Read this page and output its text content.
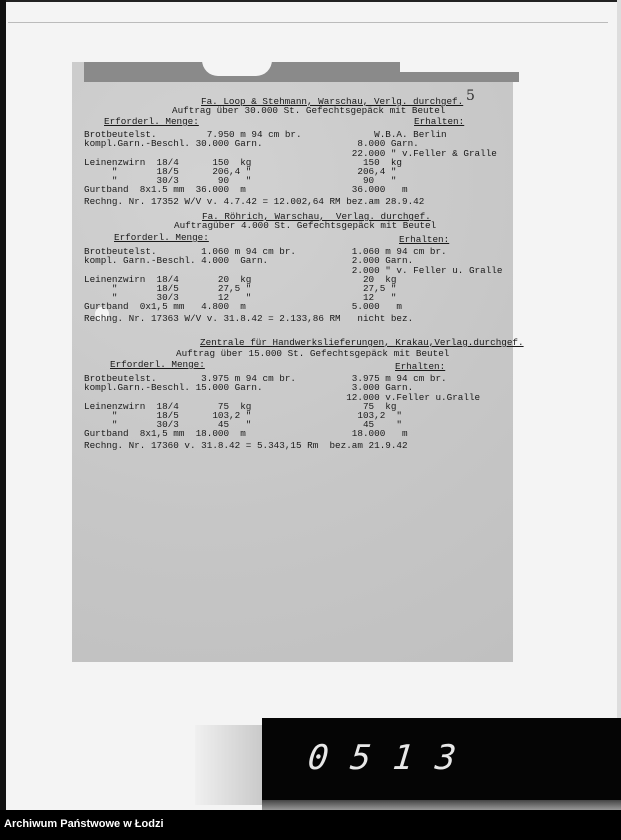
5

Fa. Loop & Stehmann, Warschau, Verlg. durchgef.

Auftrag über 30.000 St. Gefechtsgepäck mit Beutel

Erforderl. Menge:

	Erhalten:

Brotbeutelst.         7.950 m 94 cm br.             W.B.A. Berlin

kompl.Garn.-Beschl. 30.000 Garn.                 8.000 Garn.

22.000 " v.Feller & Gralle

Leinenzwirn  18/4      150  kg                    150  kg

"       18/5      206,4 "                   206,4 "

"       30/3       90   "                    90   "

Gurtband  8x1.5 mm  36.000  m                   36.000   m

Rechng. Nr. 17352 W/V v. 4.7.42 = 12.002,64 RM bez.am 28.9.42

Fa. Röhrich, Warschau,  Verlag. durchgef.

Auftragüber 4.000 St. Gefechtsgepäck mit Beutel

Erforderl. Menge:

	Erhalten:

Brotbeutelst.        1.060 m 94 cm br.          1.060 m 94 cm br.

kompl. Garn.-Beschl. 4.000  Garn.               2.000 Garn.

2.000 " v. Feller u. Gralle

Leinenzwirn  18/4       20  kg                    20  kg

"       18/5       27,5 "                    27,5 "

"       30/3       12   "                    12   "

Gurtband  0x1,5 mm   4.800  m                   5.000   m

Rechng. Nr. 17363 W/V v. 31.8.42 = 2.133,86 RM   nicht bez.

Zentrale für Handwerkslieferungen, Krakau,Verlag.durchgef.

Auftrag über 15.000 St. Gefechtsgepäck mit Beutel

Erforderl. Menge:

	Erhalten:

Brotbeutelst.        3.975 m 94 cm br.          3.975 m 94 cm br.

kompl.Garn.-Beschl. 15.000 Garn.                3.000 Garn.

12.000 v.Feller u.Gralle

Leinenzwirn  18/4       75  kg                    75  kg

"       18/5      103,2 "                   103,2  "

"       30/3       45   "                    45    "

Gurtband  8x1,5 mm  18.000  m                   18.000   m

Rechng. Nr. 17360 v. 31.8.42 = 5.343,15 Rm  bez.am 21.9.42

0513
Archiwum Państwowe w Łodzi
